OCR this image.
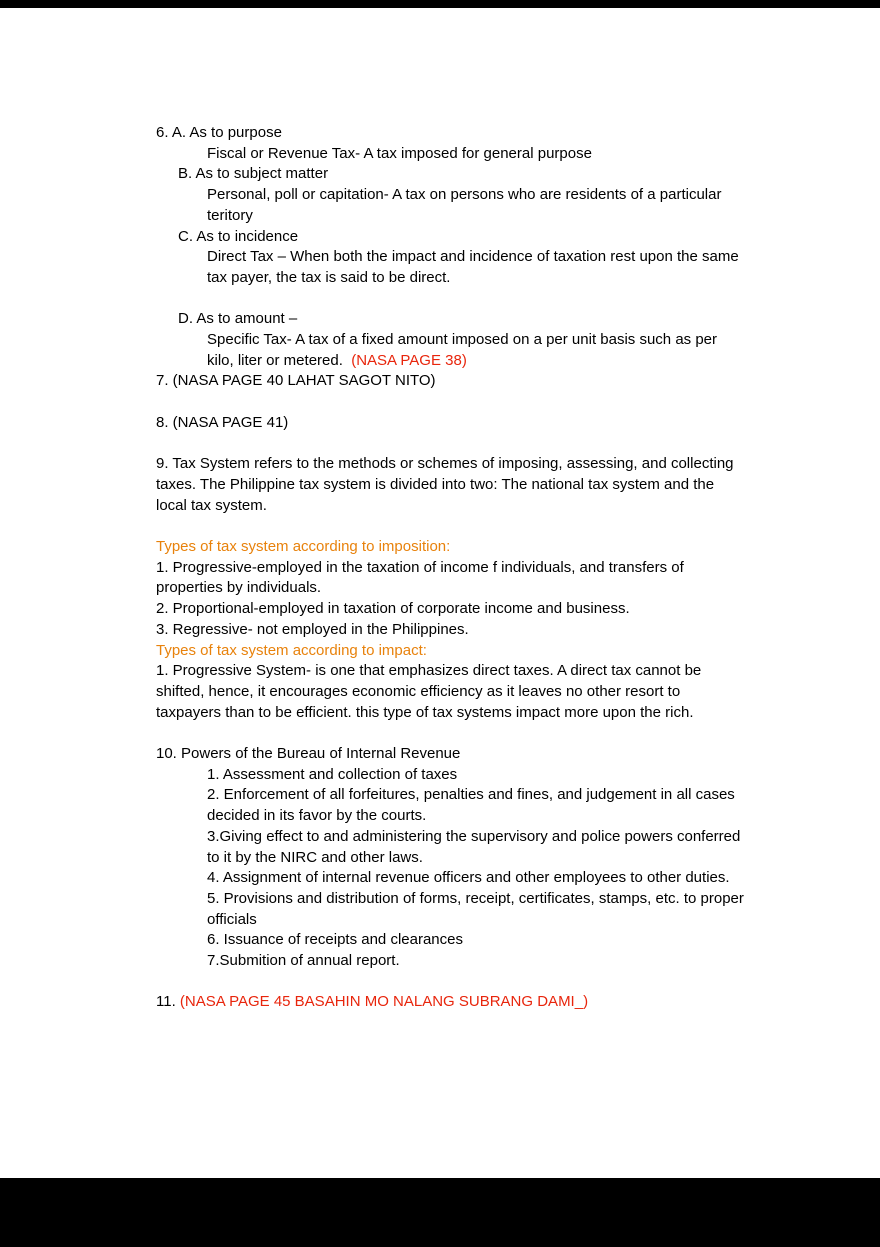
6. A. As to purpose
Fiscal or Revenue Tax- A tax imposed for general purpose
B. As to subject matter
Personal, poll or capitation- A tax on persons who are residents of a particular
teritory
C. As to incidence
Direct Tax – When both the impact and incidence of taxation rest upon the same
tax payer, the tax is said to be direct.
D. As to amount –
Specific Tax- A tax of a fixed amount imposed on a per unit basis such as per
kilo, liter or metered.  (NASA PAGE 38)
7. (NASA PAGE 40 LAHAT SAGOT NITO)
8. (NASA PAGE 41)
9. Tax System refers to the methods or schemes of imposing, assessing, and collecting
taxes. The Philippine tax system is divided into two: The national tax system and the
local tax system.
Types of tax system according to imposition:
1. Progressive-employed in the taxation of income f individuals, and transfers of
properties by individuals.
2. Proportional-employed in taxation of corporate income and business.
3. Regressive- not employed in the Philippines.
Types of tax system according to impact:
1. Progressive System- is one that emphasizes direct taxes. A direct tax cannot be
shifted, hence, it encourages economic efficiency as it leaves no other resort to
taxpayers than to be efficient. this type of tax systems impact more upon the rich.
10. Powers of the Bureau of Internal Revenue
1. Assessment and collection of taxes
2. Enforcement of all forfeitures, penalties and fines, and judgement in all cases
decided in its favor by the courts.
3.Giving effect to and administering the supervisory and police powers conferred
to it by the NIRC and other laws.
4. Assignment of internal revenue officers and other employees to other duties.
5. Provisions and distribution of forms, receipt, certificates, stamps, etc. to proper
officials
6. Issuance of receipts and clearances
7.Submition of annual report.
11. (NASA PAGE 45 BASAHIN MO NALANG SUBRANG DAMI_)
